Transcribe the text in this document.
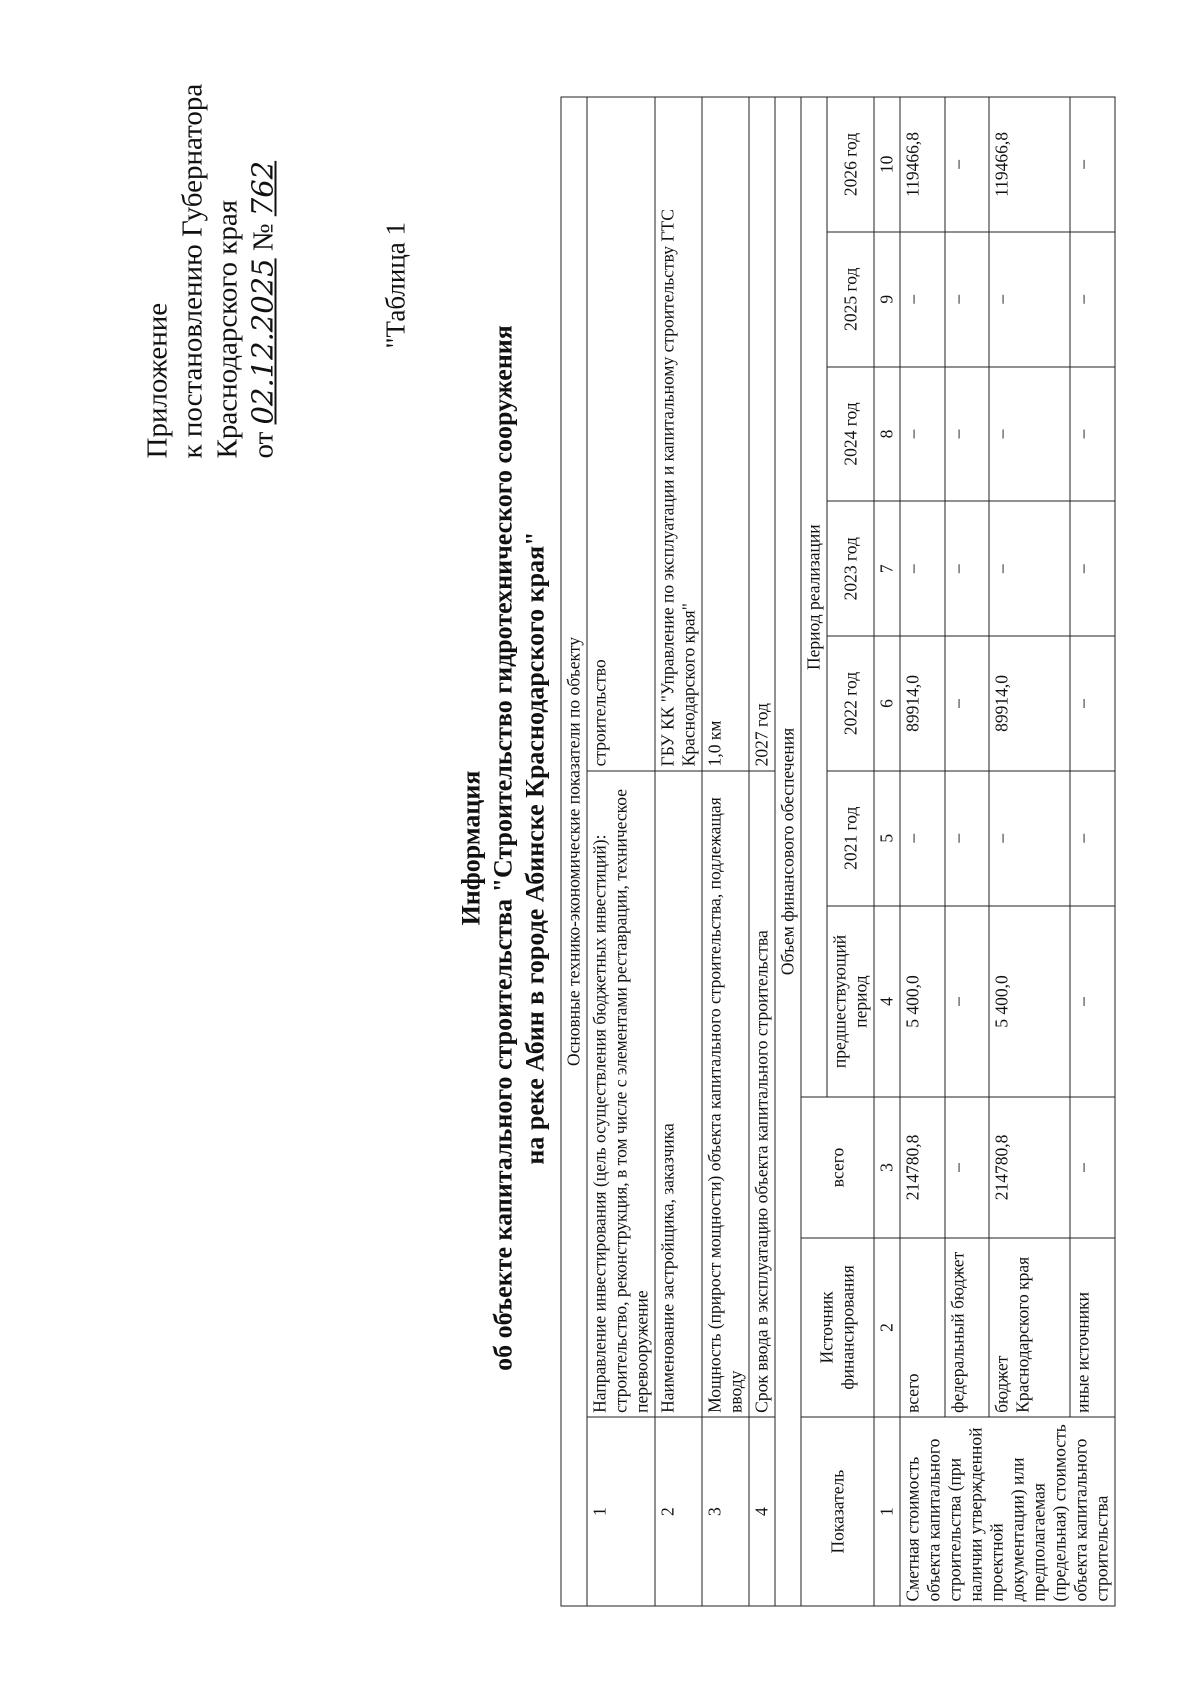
Приложение к постановлению Губернатора Краснодарского края от 02.12.2025 № 762
"Таблица 1
Информация об объекте капитального строительства "Строительство гидротехнического сооружения на реке Абин в городе Абинске Краснодарского края" Основные технико-экономические показатели по объекту									
1	Направление инвестирования (цель осуществления бюджетных инвестиций): строительство, реконструкция, в том числе с элементами реставрации, техническое перевооружение				строительство				
2	Наименование застройщика, заказчика				ГБУ КК "Управление по эксплуатации и капитальному строительству ГТС Краснодарского края"				
3	Мощность (прирост мощности) объекта капитального строительства, подлежащая вводу				1,0 км				
4	Срок ввода в эксплуатацию объекта капитального строительства				2027 год				
Объем финансового обеспечения									
Показатель	Источник финансирования	всего	Период реализации						
			предшествующий период	2021 год	2022 год	2023 год	2024 год	2025 год	2026 год
1	2	3	4	5	6	7	8	9	10
Сметная стоимость объекта капитального строительства (при наличии утвержденной проектной документации) или предполагаемая (предельная) стоимость объекта капитального строительства	всего	214780,8	5 400,0	–	89914,0	–	–	–	119466,8
	федеральный бюджет	–	–	–	–	–	–	–	–
	бюджет Краснодарского края	214780,8	5 400,0	–	89914,0	–	–	–	119466,8
	иные источники	–	–	–	–	–	–	–	–
